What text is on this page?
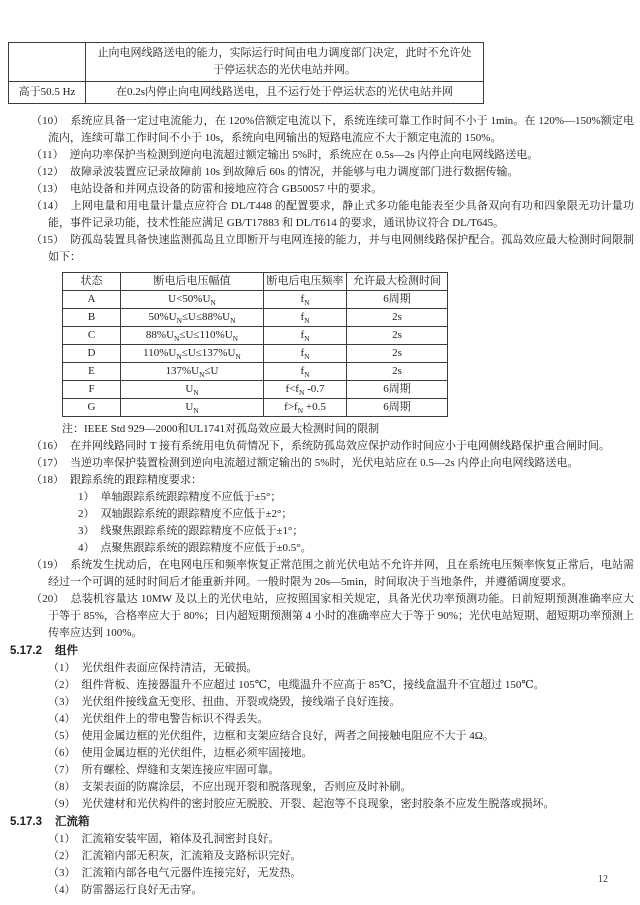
	止向电网线路送电的能力，实际运行时间由电力调度部门决定，此时不允许处于停运状态的光伏电站并网。
高于50.5 Hz	在0.2s内停止向电网线路送电，且不运行处于停运状态的光伏电站并网

（10） 系统应具备一定过电流能力，在 120%倍额定电流以下，系统连续可靠工作时间不小于 1min。在 120%—150%额定电流内，连续可靠工作时间不小于 10s，系统向电网输出的短路电流应不大于额定电流的 150%。

（11） 逆向功率保护当检测到逆向电流超过额定输出 5%时，系统应在 0.5s—2s 内停止向电网线路送电。

（12） 故障录波装置应记录故障前 10s 到故障后 60s 的情况，并能够与电力调度部门进行数据传输。

（13） 电站设备和并网点设备的防雷和接地应符合 GB50057 中的要求。

（14） 上网电量和用电量计量点应符合 DL/T448 的配置要求，静止式多功能电能表至少具备双向有功和四象限无功计量功能，事件记录功能，技术性能应满足 GB/T17883 和 DL/T614 的要求，通讯协议符合 DL/T645。

（15） 防孤岛装置具备快速监测孤岛且立即断开与电网连接的能力，并与电网侧线路保护配合。孤岛效应最大检测时间限制如下：

状态	断电后电压幅值	断电后电压频率	允许最大检测时间
A	$U<50\%U_N$	$f_N$	6周期
B	$50\%U_N\le U\le 88\%U_N$	$f_N$	2s
C	$88\%U_N\le U\le 110\%U_N$	$f_N$	2s
D	$110\%U_N\le U\le 137\%U_N$	$f_N$	2s
E	$137\%U_N\le U$	$f_N$	2s
F	$U_N$	$f<f_N$ -0.7	6周期
G	$U_N$	$f>f_N +0.5$	6周期

注：IEEE Std 929—2000和UL1741对孤岛效应最大检测时间的限制

（16） 在并网线路同时 T 接有系统用电负荷情况下，系统防孤岛效应保护动作时间应小于电网侧线路保护重合闸时间。

（17） 当逆功率保护装置检测到逆向电流超过额定输出的 5%时，光伏电站应在 0.5—2s 内停止向电网线路送电。

（18） 跟踪系统的跟踪精度要求：

1） 单轴跟踪系统跟踪精度不应低于±5°；

2） 双轴跟踪系统的跟踪精度不应低于±2°；

3） 线聚焦跟踪系统的跟踪精度不应低于±1°；

4） 点聚焦跟踪系统的跟踪精度不应低于±0.5°。

（19） 系统发生扰动后，在电网电压和频率恢复正常范围之前光伏电站不允许并网，且在系统电压频率恢复正常后，电站需经过一个可调的延时时间后才能重新并网。一般时限为 20s—5min，时间取决于当地条件，并遵循调度要求。

（20） 总装机容量达 10MW 及以上的光伏电站，应按照国家相关规定，具备光伏功率预测功能。日前短期预测准确率应大于等于 85%，合格率应大于 80%；日内超短期预测第 4 小时的准确率应大于等于 90%；光伏电站短期、超短期功率预测上传率应达到 100%。

5.17.2 组件

（1） 光伏组件表面应保持清洁，无破损。

（2） 组件背板、连接器温升不应超过 105℃，电缆温升不应高于 85℃，接线盒温升不宜超过 150℃。

（3） 光伏组件接线盒无变形、扭曲、开裂或烧毁，接线端子良好连接。

（4） 光伏组件上的带电警告标识不得丢失。

（5） 使用金属边框的光伏组件，边框和支架应结合良好，两者之间接触电阻应不大于 4Ω。

（6） 使用金属边框的光伏组件，边框必须牢固接地。

（7） 所有螺栓、焊缝和支架连接应牢固可靠。

（8） 支架表面的防腐涂层，不应出现开裂和脱落现象，否则应及时补刷。

（9） 光伏建材和光伏构件的密封胶应无脱胶、开裂、起泡等不良现象，密封胶条不应发生脱落或损坏。

5.17.3 汇流箱

（1） 汇流箱安装牢固，箱体及孔洞密封良好。

（2） 汇流箱内部无积灰，汇流箱及支路标识完好。

（3） 汇流箱内部各电气元器件连接完好，无发热。

（4） 防雷器运行良好无击穿。

12
